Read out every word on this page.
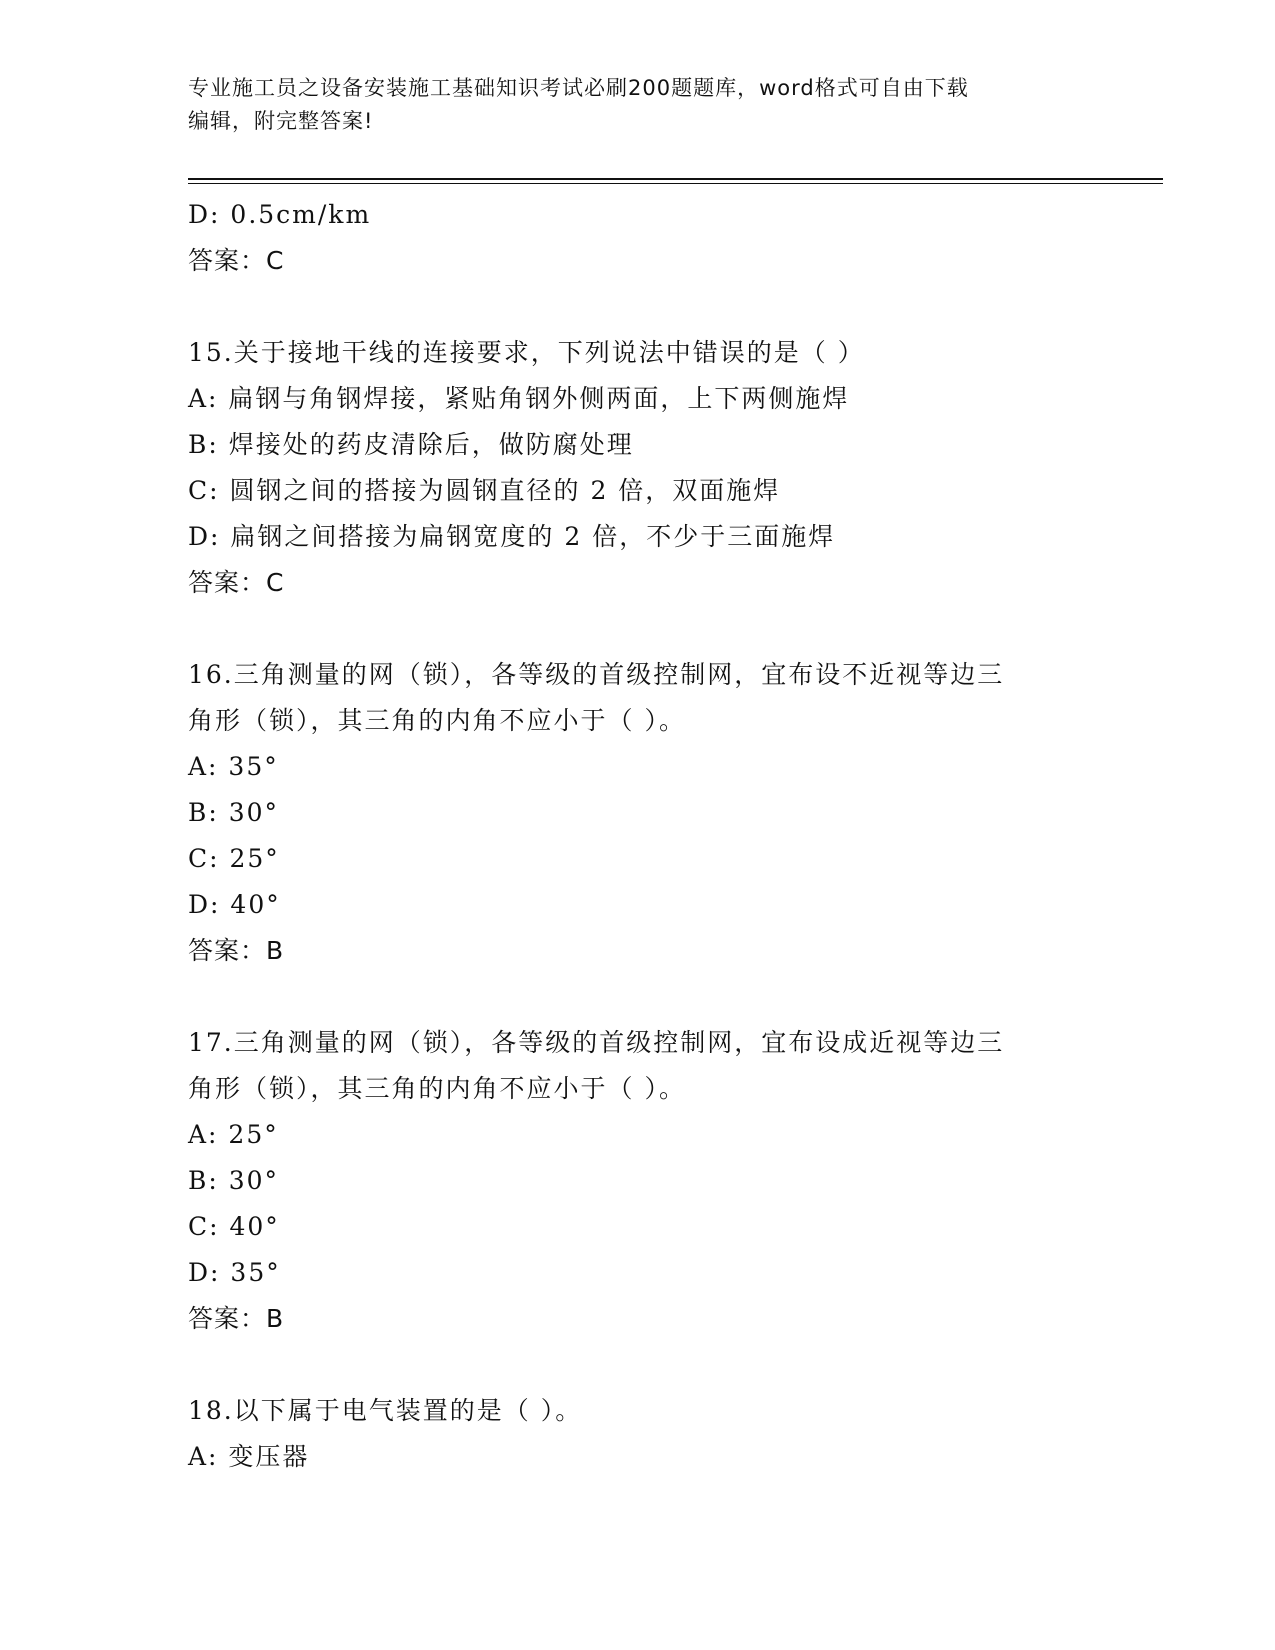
专业施工员之设备安装施工基础知识考试必刷200题题库，word格式可自由下载
编辑，附完整答案!
D: 0.5cm/km
答案：C
15.关于接地干线的连接要求，下列说法中错误的是（ ）
A: 扁钢与角钢焊接，紧贴角钢外侧两面，上下两侧施焊
B: 焊接处的药皮清除后，做防腐处理
C: 圆钢之间的搭接为圆钢直径的 2 倍，双面施焊
D: 扁钢之间搭接为扁钢宽度的 2 倍，不少于三面施焊
答案：C
16.三角测量的网（锁），各等级的首级控制网，宜布设不近视等边三
角形（锁），其三角的内角不应小于（ ）。
A: 35°
B: 30°
C: 25°
D: 40°
答案：B
17.三角测量的网（锁），各等级的首级控制网，宜布设成近视等边三
角形（锁），其三角的内角不应小于（ ）。
A: 25°
B: 30°
C: 40°
D: 35°
答案：B
18.以下属于电气装置的是（ ）。
A: 变压器
